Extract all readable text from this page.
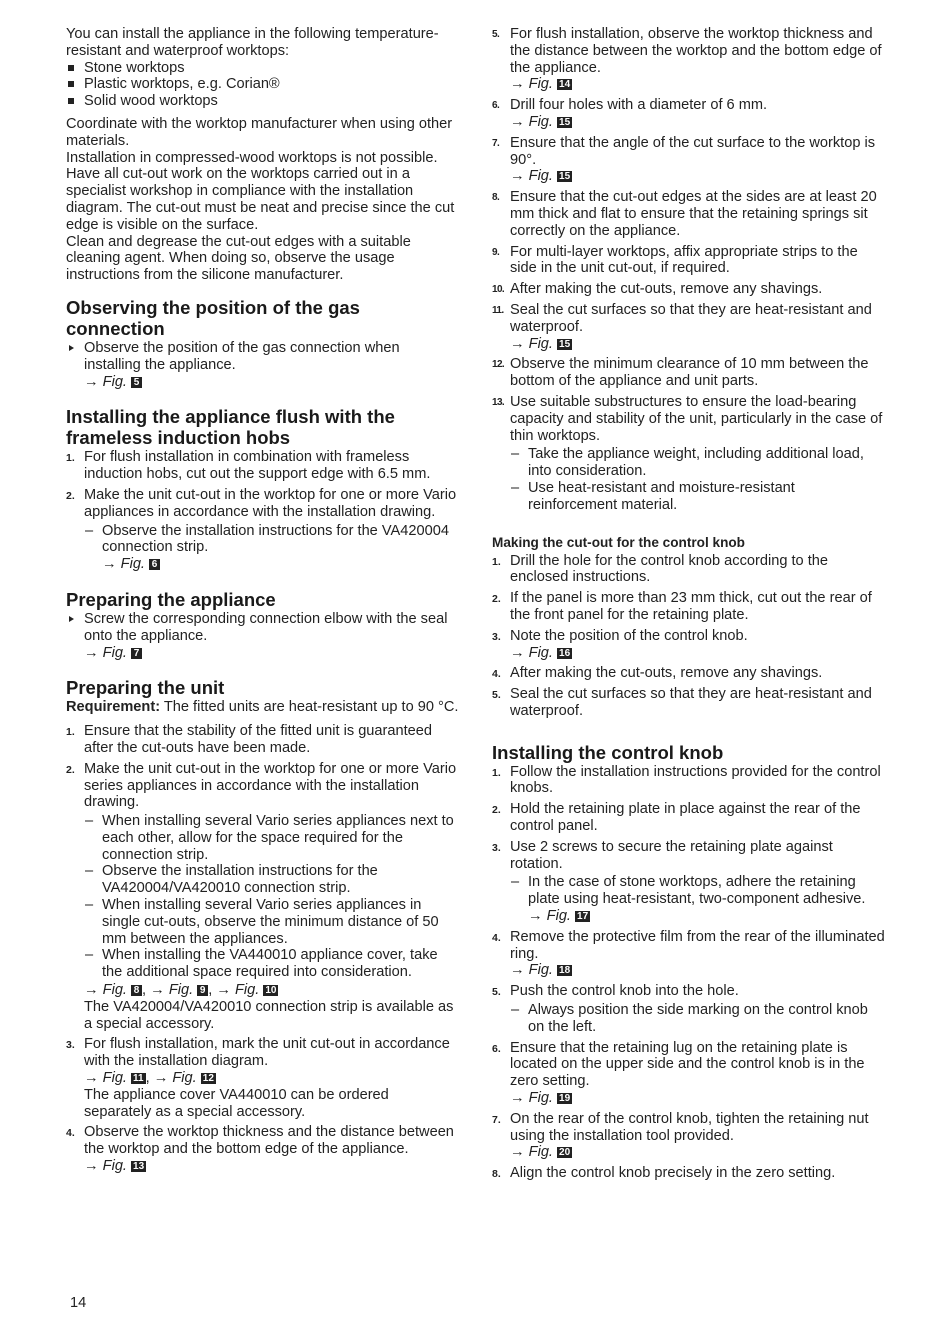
You can install the appliance in the following temperature-resistant and waterproof worktops:

Stone worktops
Plastic worktops, e.g. Corian®
Solid wood worktops

Coordinate with the worktop manufacturer when using other materials.

Installation in compressed-wood worktops is not possible.

Have all cut-out work on the worktops carried out in a specialist workshop in compliance with the installation diagram. The cut-out must be neat and precise since the cut edge is visible on the surface.

Clean and degrease the cut-out edges with a suitable cleaning agent. When doing so, observe the usage instructions from the silicone manufacturer.

Observing the position of the gas connection
Observe the position of the gas connection when installing the appliance.
→ Fig. 5
Installing the appliance flush with the frameless induction hobs
1. For flush installation in combination with frameless induction hobs, cut out the support edge with 6.5 mm.
2. Make the unit cut-out in the worktop for one or more Vario appliances in accordance with the installation drawing.
– Observe the installation instructions for the VA420004 connection strip.
→ Fig. 6
Preparing the appliance
Screw the corresponding connection elbow with the seal onto the appliance.
→ Fig. 7
Preparing the unit

Requirement: The fitted units are heat-resistant up to 90 °C.

1. Ensure that the stability of the fitted unit is guaranteed after the cut-outs have been made.
2. Make the unit cut-out in the worktop for one or more Vario series appliances in accordance with the installation drawing.
– When installing several Vario series appliances next to each other, allow for the space required for the connection strip.
– Observe the installation instructions for the VA420004/VA420010 connection strip.
– When installing several Vario series appliances in single cut-outs, observe the minimum distance of 50 mm between the appliances.
– When installing the VA440010 appliance cover, take the additional space required into consideration.
→ Fig. 8 , → Fig. 9 , → Fig. 10
The VA420004/VA420010 connection strip is available as a special accessory.
3. For flush installation, mark the unit cut-out in accordance with the installation diagram.
→ Fig. 11 , → Fig. 12
The appliance cover VA440010 can be ordered separately as a special accessory.
4. Observe the worktop thickness and the distance between the worktop and the bottom edge of the appliance.
→ Fig. 13
5. For flush installation, observe the worktop thickness and the distance between the worktop and the bottom edge of the appliance.
→ Fig. 14
6. Drill four holes with a diameter of 6 mm.
→ Fig. 15
7. Ensure that the angle of the cut surface to the worktop is 90°.
→ Fig. 15
8. Ensure that the cut-out edges at the sides are at least 20 mm thick and flat to ensure that the retaining springs sit correctly on the appliance.
9. For multi-layer worktops, affix appropriate strips to the side in the unit cut-out, if required.
10. After making the cut-outs, remove any shavings.
11. Seal the cut surfaces so that they are heat-resistant and waterproof.
→ Fig. 15
12. Observe the minimum clearance of 10 mm between the bottom of the appliance and unit parts.
13. Use suitable substructures to ensure the load-bearing capacity and stability of the unit, particularly in the case of thin worktops.
– Take the appliance weight, including additional load, into consideration.
– Use heat-resistant and moisture-resistant reinforcement material.
Making the cut-out for the control knob
1. Drill the hole for the control knob according to the enclosed instructions.
2. If the panel is more than 23 mm thick, cut out the rear of the front panel for the retaining plate.
3. Note the position of the control knob.
→ Fig. 16
4. After making the cut-outs, remove any shavings.
5. Seal the cut surfaces so that they are heat-resistant and waterproof.
Installing the control knob
1. Follow the installation instructions provided for the control knobs.
2. Hold the retaining plate in place against the rear of the control panel.
3. Use 2 screws to secure the retaining plate against rotation.
– In the case of stone worktops, adhere the retaining plate using heat-resistant, two-component adhesive.
→ Fig. 17
4. Remove the protective film from the rear of the illuminated ring.
→ Fig. 18
5. Push the control knob into the hole.
– Always position the side marking on the control knob on the left.
6. Ensure that the retaining lug on the retaining plate is located on the upper side and the control knob is in the zero setting.
→ Fig. 19
7. On the rear of the control knob, tighten the retaining nut using the installation tool provided.
→ Fig. 20
8. Align the control knob precisely in the zero setting.
14
